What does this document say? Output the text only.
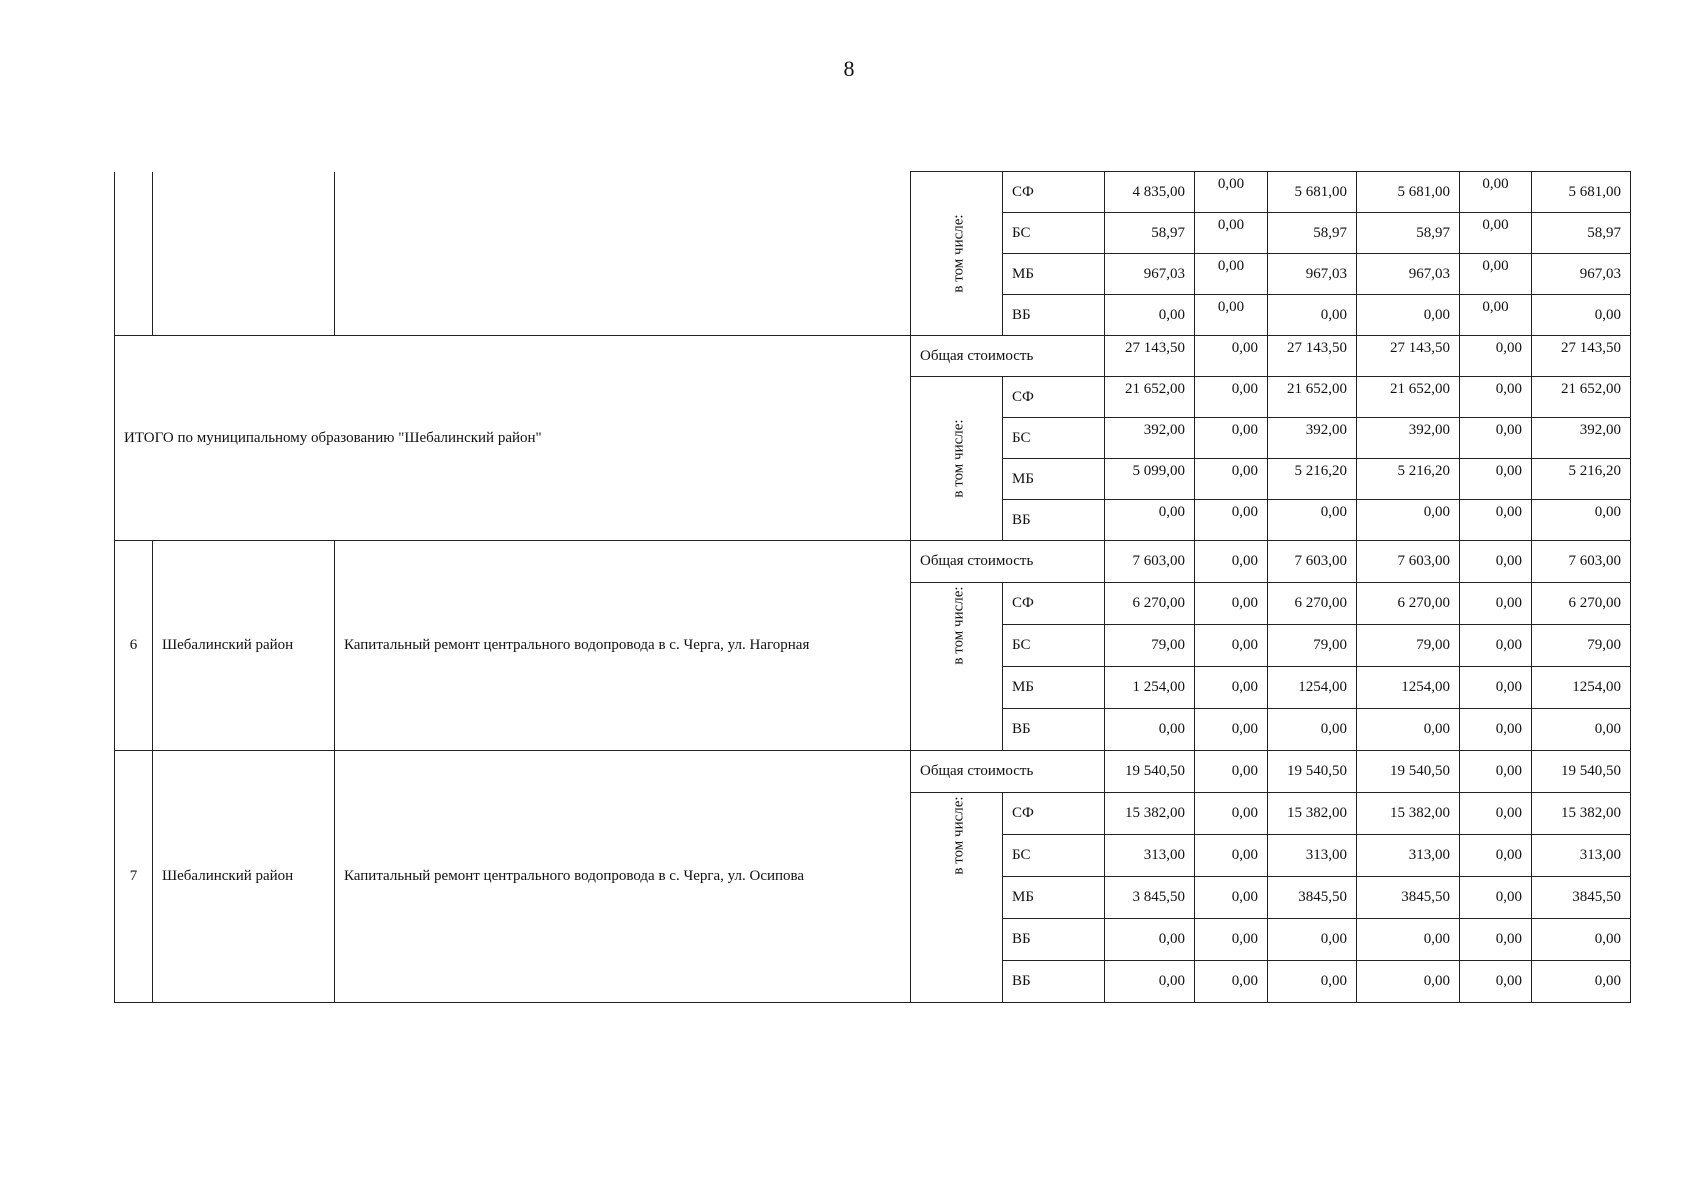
8
			в том числе:	СФ	4 835,00	0,00	5 681,00	5 681,00	0,00	5 681,00
				БС	58,97	0,00	58,97	58,97	0,00	58,97
				МБ	967,03	0,00	967,03	967,03	0,00	967,03
				ВБ	0,00	0,00	0,00	0,00	0,00	0,00
ИТОГО по муниципальному образованию "Шебалинский район"			Общая стоимость		27 143,50	0,00	27 143,50	27 143,50	0,00	27 143,50
			в том числе:	СФ	21 652,00	0,00	21 652,00	21 652,00	0,00	21 652,00
				БС	392,00	0,00	392,00	392,00	0,00	392,00
				МБ	5 099,00	0,00	5 216,20	5 216,20	0,00	5 216,20
				ВБ	0,00	0,00	0,00	0,00	0,00	0,00
6	Шебалинский район	Капитальный ремонт центрального водопровода в с. Черга, ул. Нагорная	Общая стоимость		7 603,00	0,00	7 603,00	7 603,00	0,00	7 603,00
			в том числе:	СФ	6 270,00	0,00	6 270,00	6 270,00	0,00	6 270,00
				БС	79,00	0,00	79,00	79,00	0,00	79,00
				МБ	1 254,00	0,00	1254,00	1254,00	0,00	1254,00
				ВБ	0,00	0,00	0,00	0,00	0,00	0,00
7	Шебалинский район	Капитальный ремонт центрального водопровода в с. Черга, ул. Осипова	Общая стоимость		19 540,50	0,00	19 540,50	19 540,50	0,00	19 540,50
			в том числе:	СФ	15 382,00	0,00	15 382,00	15 382,00	0,00	15 382,00
				БС	313,00	0,00	313,00	313,00	0,00	313,00
				МБ	3 845,50	0,00	3845,50	3845,50	0,00	3845,50
				ВБ	0,00	0,00	0,00	0,00	0,00	0,00
				ВБ	0,00	0,00	0,00	0,00	0,00	0,00
